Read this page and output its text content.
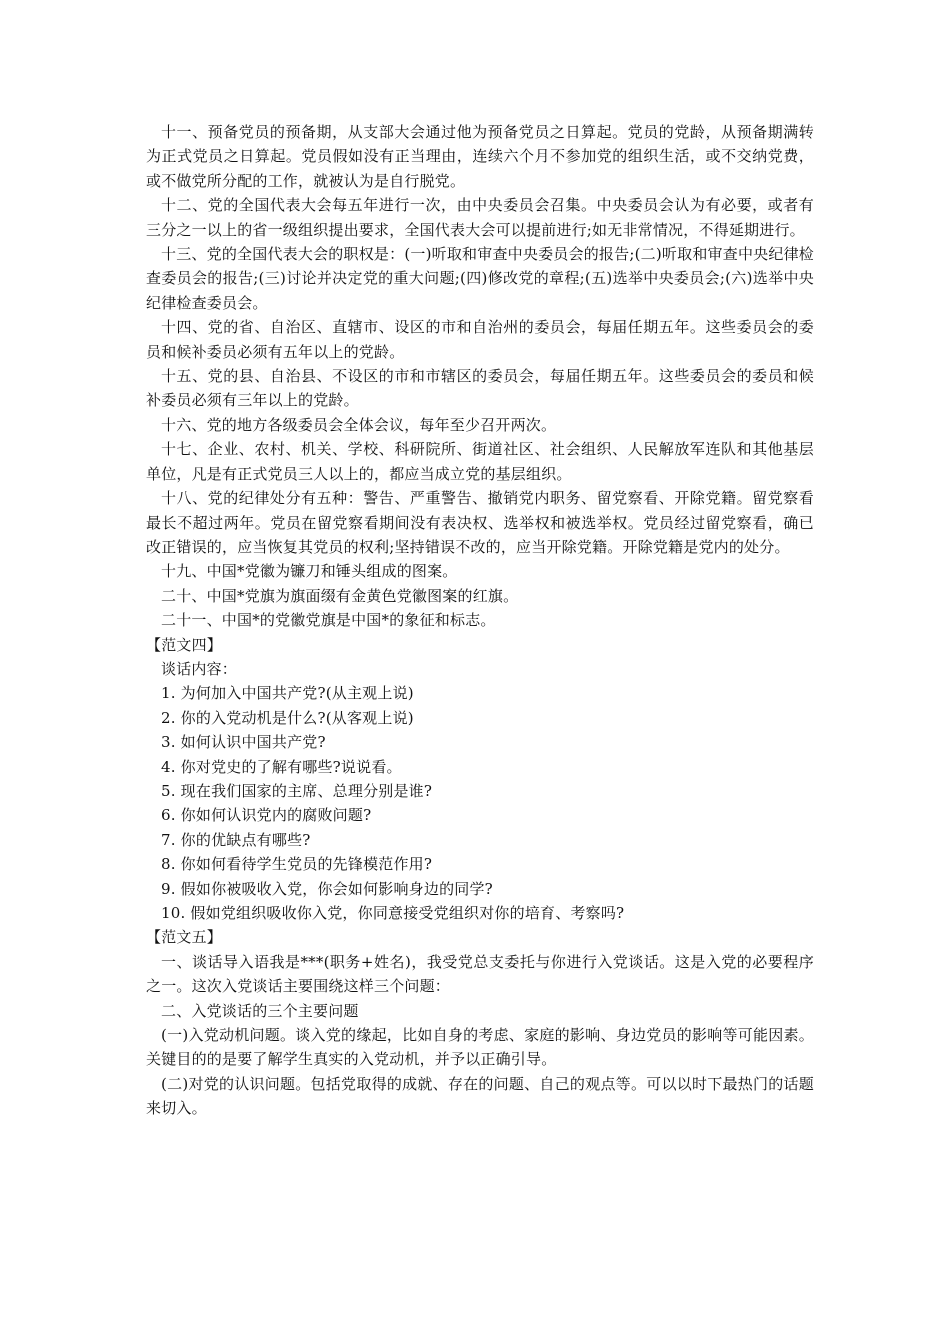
十一、预备党员的预备期，从支部大会通过他为预备党员之日算起。党员的党龄，从预备期满转为正式党员之日算起。党员假如没有正当理由，连续六个月不参加党的组织生活，或不交纳党费，或不做党所分配的工作，就被认为是自行脱党。

十二、党的全国代表大会每五年进行一次，由中央委员会召集。中央委员会认为有必要，或者有三分之一以上的省一级组织提出要求，全国代表大会可以提前进行;如无非常情况，不得延期进行。

十三、党的全国代表大会的职权是：(一)听取和审查中央委员会的报告;(二)听取和审查中央纪律检查委员会的报告;(三)讨论并决定党的重大问题;(四)修改党的章程;(五)选举中央委员会;(六)选举中央纪律检查委员会。

十四、党的省、自治区、直辖市、设区的市和自治州的委员会，每届任期五年。这些委员会的委员和候补委员必须有五年以上的党龄。

十五、党的县、自治县、不设区的市和市辖区的委员会，每届任期五年。这些委员会的委员和候补委员必须有三年以上的党龄。

十六、党的地方各级委员会全体会议，每年至少召开两次。

十七、企业、农村、机关、学校、科研院所、街道社区、社会组织、人民解放军连队和其他基层单位，凡是有正式党员三人以上的，都应当成立党的基层组织。

十八、党的纪律处分有五种：警告、严重警告、撤销党内职务、留党察看、开除党籍。留党察看最长不超过两年。党员在留党察看期间没有表决权、选举权和被选举权。党员经过留党察看，确已改正错误的，应当恢复其党员的权利;坚持错误不改的，应当开除党籍。开除党籍是党内的处分。

十九、中国*党徽为镰刀和锤头组成的图案。

二十、中国*党旗为旗面缀有金黄色党徽图案的红旗。

二十一、中国*的党徽党旗是中国*的象征和标志。

【范文四】

谈话内容：

1. 为何加入中国共产党?(从主观上说)
2. 你的入党动机是什么?(从客观上说)
3. 如何认识中国共产党?
4. 你对党史的了解有哪些?说说看。
5. 现在我们国家的主席、总理分别是谁?
6. 你如何认识党内的腐败问题?
7. 你的优缺点有哪些?
8. 你如何看待学生党员的先锋模范作用?
9. 假如你被吸收入党，你会如何影响身边的同学?
10. 假如党组织吸收你入党，你同意接受党组织对你的培育、考察吗?

【范文五】

一、谈话导入语我是***(职务+姓名)，我受党总支委托与你进行入党谈话。这是入党的必要程序之一。这次入党谈话主要围绕这样三个问题：

二、入党谈话的三个主要问题

(一)入党动机问题。谈入党的缘起，比如自身的考虑、家庭的影响、身边党员的影响等可能因素。关键目的的是要了解学生真实的入党动机，并予以正确引导。

(二)对党的认识问题。包括党取得的成就、存在的问题、自己的观点等。可以以时下最热门的话题来切入。
